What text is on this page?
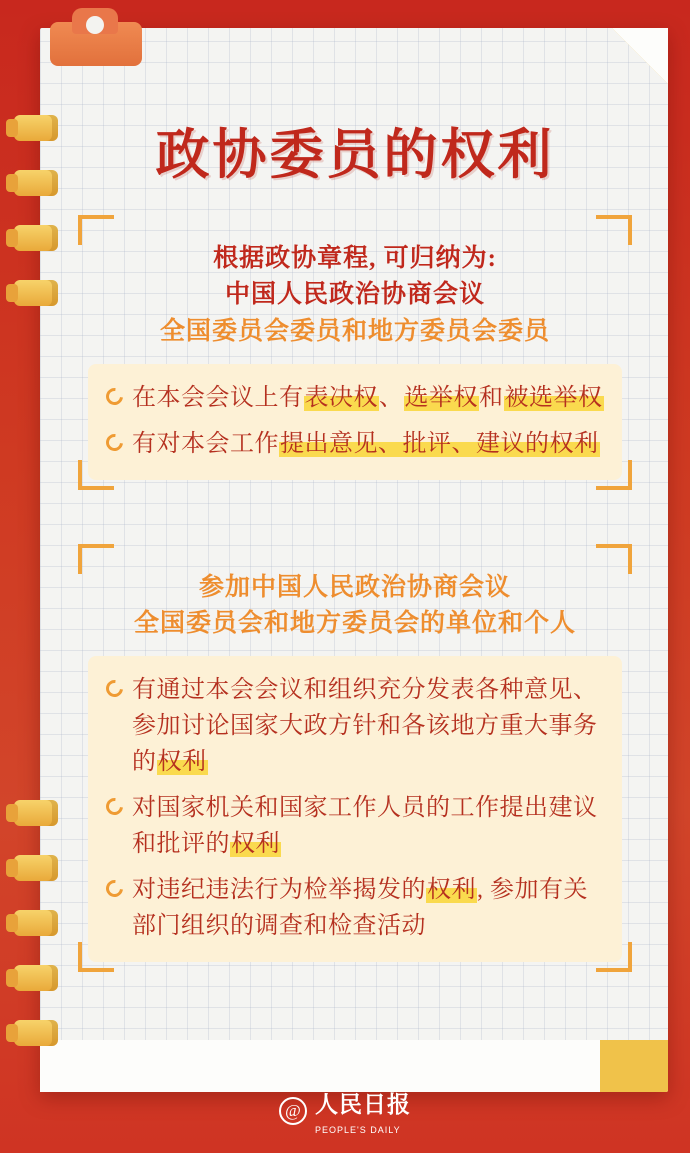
政协委员的权利
根据政协章程, 可归纳为:
中国人民政治协商会议
全国委员会委员和地方委员会委员
在本会会议上有表决权、选举权和被选举权
有对本会工作提出意见、批评、建议的权利
参加中国人民政治协商会议
全国委员会和地方委员会的单位和个人
有通过本会会议和组织充分发表各种意见、参加讨论国家大政方针和各该地方重大事务的权利
对国家机关和国家工作人员的工作提出建议和批评的权利
对违纪违法行为检举揭发的权利, 参加有关部门组织的调查和检查活动
@ 人民日报
PEOPLE'S DAILY
